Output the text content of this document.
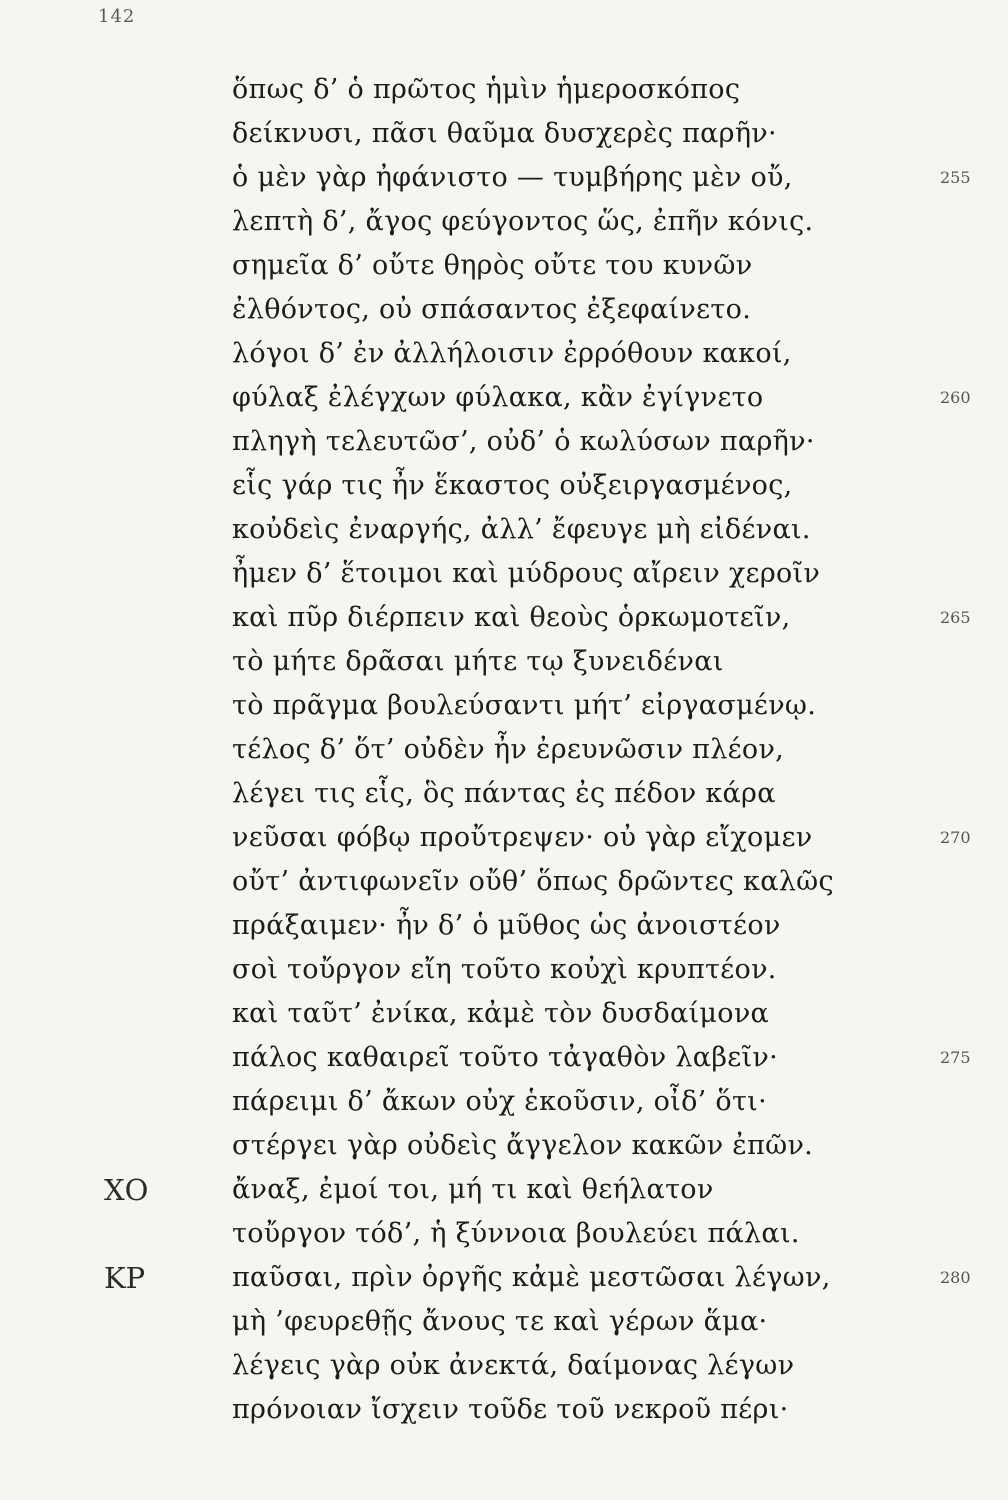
142
ὅπως δ’ ὁ πρῶτος ἡμὶν ἡμεροσκόπος
δείκνυσι, πᾶσι θαῦμα δυσχερὲς παρῆν·
ὁ μὲν γὰρ ἠφάνιστο — τυμβήρης μὲν οὔ,	255
λεπτὴ δ’, ἄγος φεύγοντος ὥς, ἐπῆν κόνις.
σημεῖα δ’ οὔτε θηρὸς οὔτε του κυνῶν
ἐλθόντος, οὐ σπάσαντος ἐξεφαίνετο.
λόγοι δ’ ἐν ἀλλήλοισιν ἐρρόθουν κακοί,
φύλαξ ἐλέγχων φύλακα, κἂν ἐγίγνετο	260
πληγὴ τελευτῶσ’, οὐδ’ ὁ κωλύσων παρῆν·
εἷς γάρ τις ἦν ἕκαστος οὐξειργασμένος,
κοὐδεὶς ἐναργής, ἀλλ’ ἔφευγε μὴ εἰδέναι.
ἦμεν δ’ ἕτοιμοι καὶ μύδρους αἴρειν χεροῖν
καὶ πῦρ διέρπειν καὶ θεοὺς ὁρκωμοτεῖν,	265
τὸ μήτε δρᾶσαι μήτε τῳ ξυνειδέναι
τὸ πρᾶγμα βουλεύσαντι μήτ’ εἰργασμένῳ.
τέλος δ’ ὅτ’ οὐδὲν ἦν ἐρευνῶσιν πλέον,
λέγει τις εἷς, ὃς πάντας ἐς πέδον κάρα
νεῦσαι φόβῳ προὔτρεψεν· οὐ γὰρ εἴχομεν	270
οὔτ’ ἀντιφωνεῖν οὔθ’ ὅπως δρῶντες καλῶς
πράξαιμεν· ἦν δ’ ὁ μῦθος ὡς ἀνοιστέον
σοὶ τοὔργον εἴη τοῦτο κοὐχὶ κρυπτέον.
καὶ ταῦτ’ ἐνίκα, κἀμὲ τὸν δυσδαίμονα
πάλος καθαιρεῖ τοῦτο τἀγαθὸν λαβεῖν·	275
πάρειμι δ’ ἄκων οὐχ ἑκοῦσιν, οἶδ’ ὅτι·
στέργει γὰρ οὐδεὶς ἄγγελον κακῶν ἐπῶν.
ΧΟ	ἄναξ, ἐμοί τοι, μή τι καὶ θεήλατον
τοὔργον τόδ’, ἡ ξύννοια βουλεύει πάλαι.
ΚΡ	παῦσαι, πρὶν ὀργῆς κἀμὲ μεστῶσαι λέγων,	280
μὴ ’φευρεθῇς ἄνους τε καὶ γέρων ἅμα·
λέγεις γὰρ οὐκ ἀνεκτά, δαίμονας λέγων
πρόνοιαν ἴσχειν τοῦδε τοῦ νεκροῦ πέρι·
